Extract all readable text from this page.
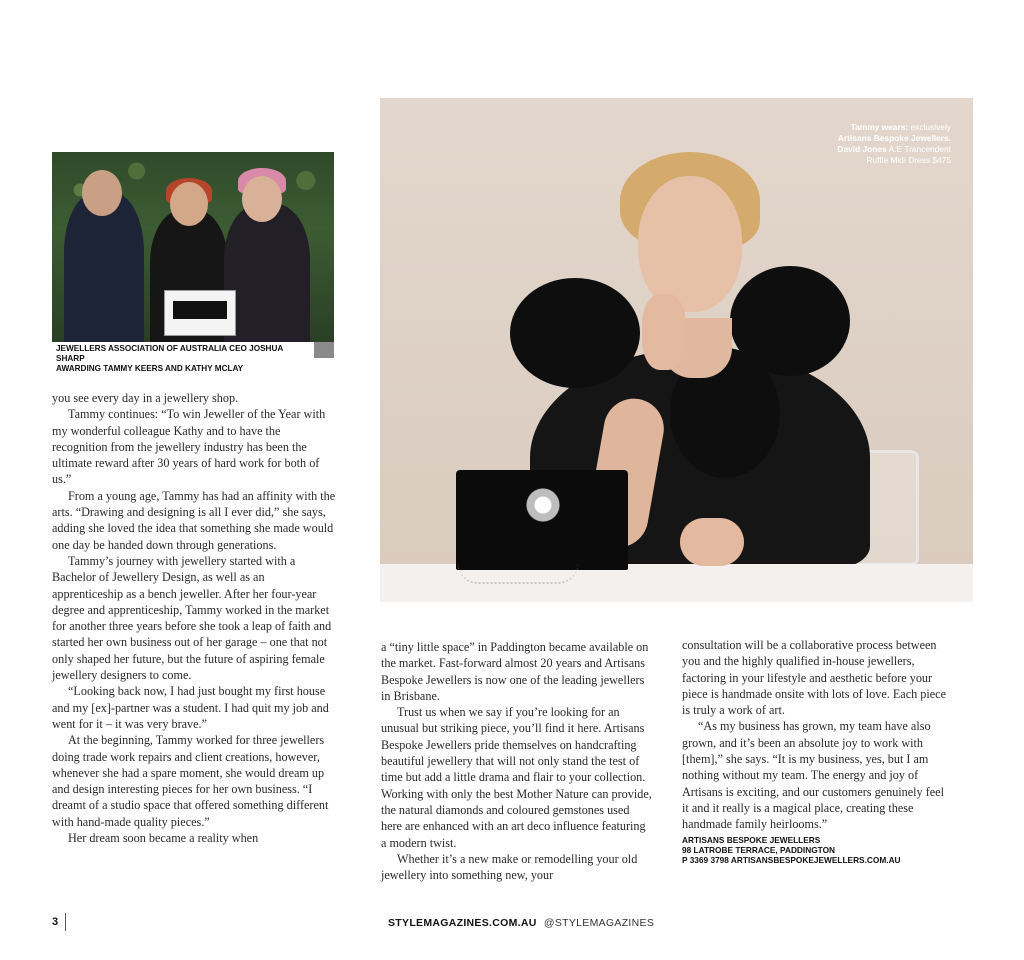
JEWELLERS ASSOCIATION OF AUSTRALIA CEO JOSHUA SHARP
AWARDING TAMMY KEERS AND KATHY MCLAY
Tammy wears: exclusively
Artisans Bespoke Jewellers.
David Jones A.E Trancendent
Ruffle Midi Dress $475

you see every day in a jewellery shop.

Tammy continues: “To win Jeweller of the Year with my wonderful colleague Kathy and to have the recognition from the jewellery industry has been the ultimate reward after 30 years of hard work for both of us.”

From a young age, Tammy has had an affinity with the arts. “Drawing and designing is all I ever did,” she says, adding she loved the idea that something she made would one day be handed down through generations.

Tammy’s journey with jewellery started with a Bachelor of Jewellery Design, as well as an apprenticeship as a bench jeweller. After her four-year degree and apprenticeship, Tammy worked in the market for another three years before she took a leap of faith and started her own business out of her garage – one that not only shaped her future, but the future of aspiring female jewellery designers to come.

“Looking back now, I had just bought my first house and my [ex]-partner was a student. I had quit my job and went for it – it was very brave.”

At the beginning, Tammy worked for three jewellers doing trade work repairs and client creations, however, whenever she had a spare moment, she would dream up and design interesting pieces for her own business. “I dreamt of a studio space that offered something different with hand-made quality pieces.”

Her dream soon became a reality when

a “tiny little space” in Paddington became available on the market. Fast-forward almost 20 years and Artisans Bespoke Jewellers is now one of the leading jewellers in Brisbane.

Trust us when we say if you’re looking for an unusual but striking piece, you’ll find it here. Artisans Bespoke Jewellers pride themselves on handcrafting beautiful jewellery that will not only stand the test of time but add a little drama and flair to your collection. Working with only the best Mother Nature can provide, the natural diamonds and coloured gemstones used here are enhanced with an art deco influence featuring a modern twist.

Whether it’s a new make or remodelling your old jewellery into something new, your

consultation will be a collaborative process between you and the highly qualified in-house jewellers, factoring in your lifestyle and aesthetic before your piece is handmade onsite with lots of love. Each piece is truly a work of art.

“As my business has grown, my team have also grown, and it’s been an absolute joy to work with [them],” she says. “It is my business, yes, but I am nothing without my team. The energy and joy of Artisans is exciting, and our customers genuinely feel it and it really is a magical place, creating these handmade family heirlooms.”

ARTISANS BESPOKE JEWELLERS
98 LATROBE TERRACE, PADDINGTON
P 3369 3798 ARTISANSBESPOKEJEWELLERS.COM.AU
3	STYLEMAGAZINES.COM.AU @STYLEMAGAZINES
